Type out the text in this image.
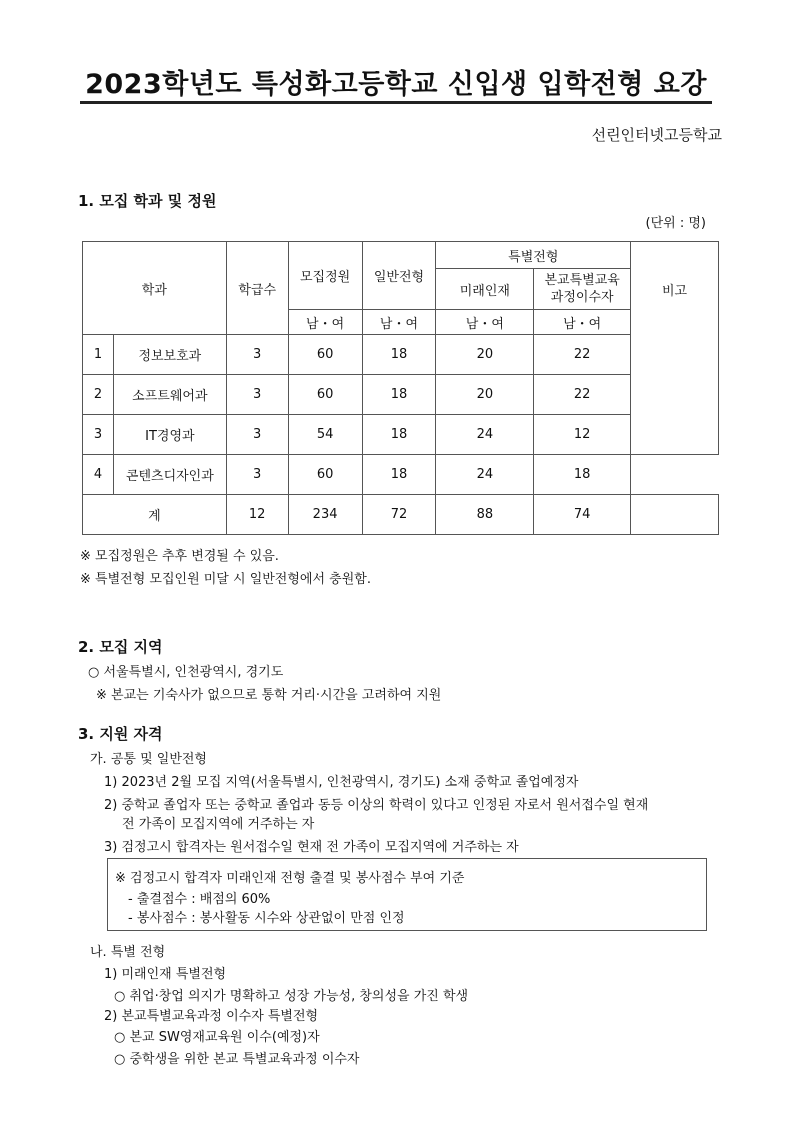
2023학년도 특성화고등학교 신입생 입학전형 요강
선린인터넷고등학교
1. 모집 학과 및 정원
(단위 : 명)
학과		학급수	모집정원	일반전형	특별전형		비고
					미래인재	본교특별교육
과정이수자	
			남・여	남・여	남・여	남・여	
1	정보보호과	3	60	18	20	22	
2	소프트웨어과	3	60	18	20	22	
3	IT경영과	3	54	18	24	12	
4	콘텐츠디자인과	3	60	18	24	18	
계		12	234	72	88	74	
※ 모집정원은 추후 변경될 수 있음.
※ 특별전형 모집인원 미달 시 일반전형에서 충원함.
2. 모집 지역
○ 서울특별시, 인천광역시, 경기도
※ 본교는 기숙사가 없으므로 통학 거리·시간을 고려하여 지원
3. 지원 자격
가. 공통 및 일반전형
1) 2023년 2월 모집 지역(서울특별시, 인천광역시, 경기도) 소재 중학교 졸업예정자
2) 중학교 졸업자 또는 중학교 졸업과 동등 이상의 학력이 있다고 인정된 자로서 원서접수일 현재
전 가족이 모집지역에 거주하는 자
3) 검정고시 합격자는 원서접수일 현재 전 가족이 모집지역에 거주하는 자
※ 검정고시 합격자 미래인재 전형 출결 및 봉사점수 부여 기준
- 출결점수 : 배점의 60%
- 봉사점수 : 봉사활동 시수와 상관없이 만점 인정
나. 특별 전형
1) 미래인재 특별전형
○ 취업·창업 의지가 명확하고 성장 가능성, 창의성을 가진 학생
2) 본교특별교육과정 이수자 특별전형
○ 본교 SW영재교육원 이수(예정)자
○ 중학생을 위한 본교 특별교육과정 이수자
